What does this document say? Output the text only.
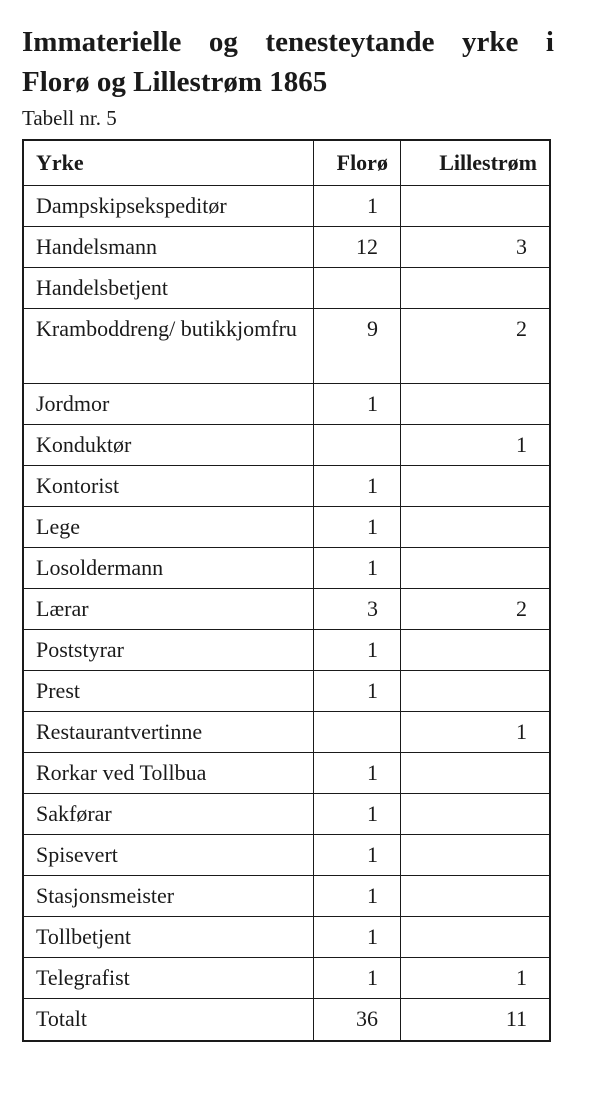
Immaterielle og tenesteytande yrke i
Florø og Lillestrøm 1865

Tabell nr. 5

Yrke	Florø	Lillestrøm
Dampskipsekspeditør	1	
Handelsmann	12	3
Handelsbetjent		
Kramboddreng/ butikkjomfru	9	2
Jordmor	1	
Konduktør		1
Kontorist	1	
Lege	1	
Losoldermann	1	
Lærar	3	2
Poststyrar	1	
Prest	1	
Restaurantvertinne		1
Rorkar ved Tollbua	1	
Sakførar	1	
Spisevert	1	
Stasjonsmeister	1	
Tollbetjent	1	
Telegrafist	1	1
Totalt	36	11
